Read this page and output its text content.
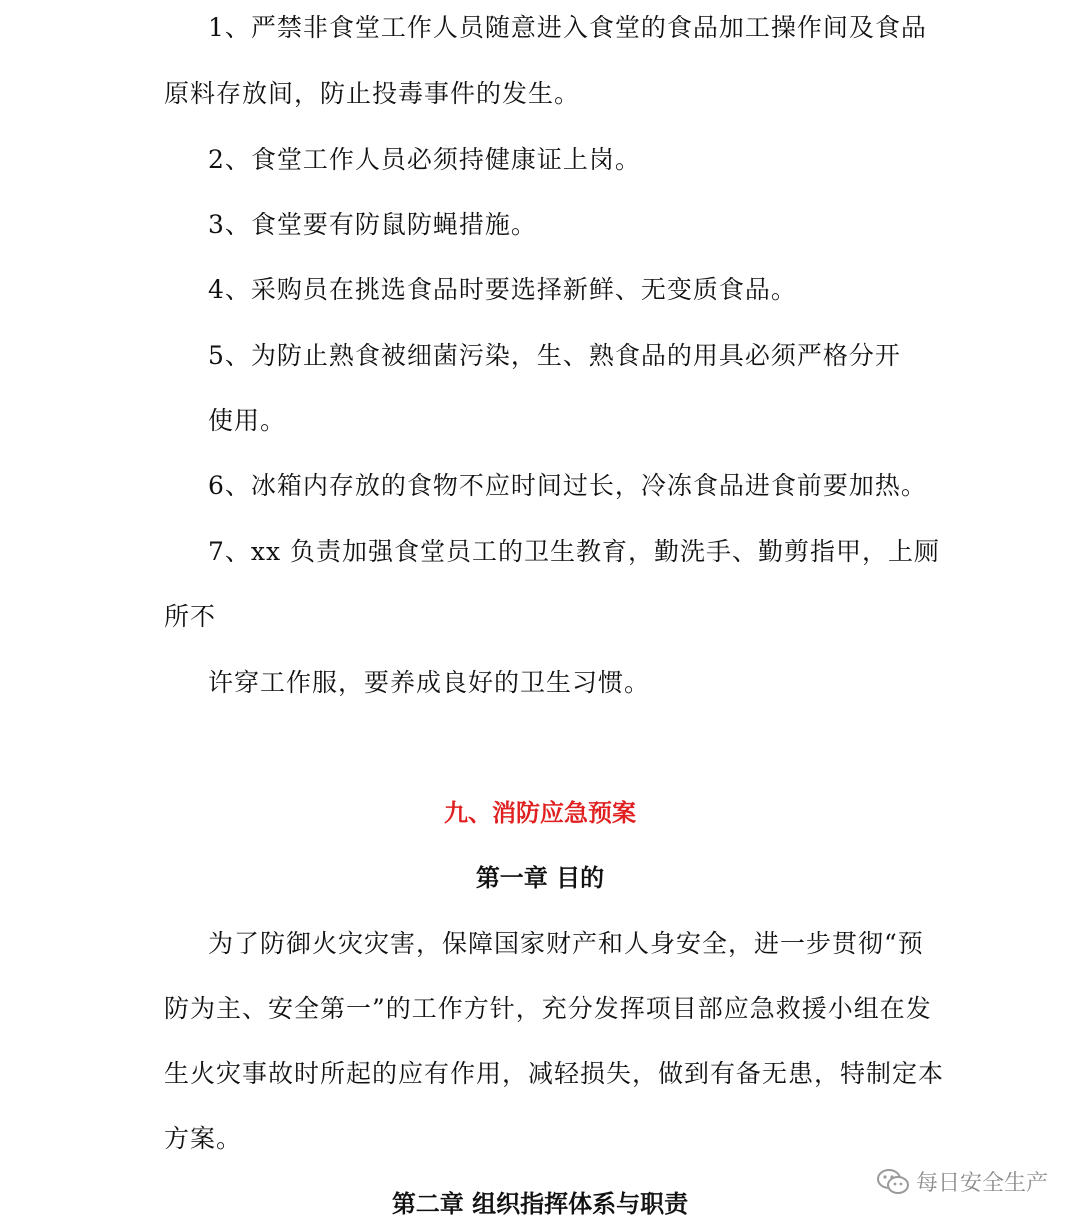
1、严禁非食堂工作人员随意进入食堂的食品加工操作间及食品
原料存放间，防止投毒事件的发生。
2、食堂工作人员必须持健康证上岗。
3、食堂要有防鼠防蝇措施。
4、采购员在挑选食品时要选择新鲜、无变质食品。
5、为防止熟食被细菌污染，生、熟食品的用具必须严格分开
使用。
6、冰箱内存放的食物不应时间过长，冷冻食品进食前要加热。
7、xx 负责加强食堂员工的卫生教育，勤洗手、勤剪指甲，上厕
所不
许穿工作服，要养成良好的卫生习惯。
九、消防应急预案
第一章 目的
为了防御火灾灾害，保障国家财产和人身安全，进一步贯彻“预
防为主、安全第一”的工作方针，充分发挥项目部应急救援小组在发
生火灾事故时所起的应有作用，减轻损失，做到有备无患，特制定本
方案。
第二章 组织指挥体系与职责
每日安全生产
